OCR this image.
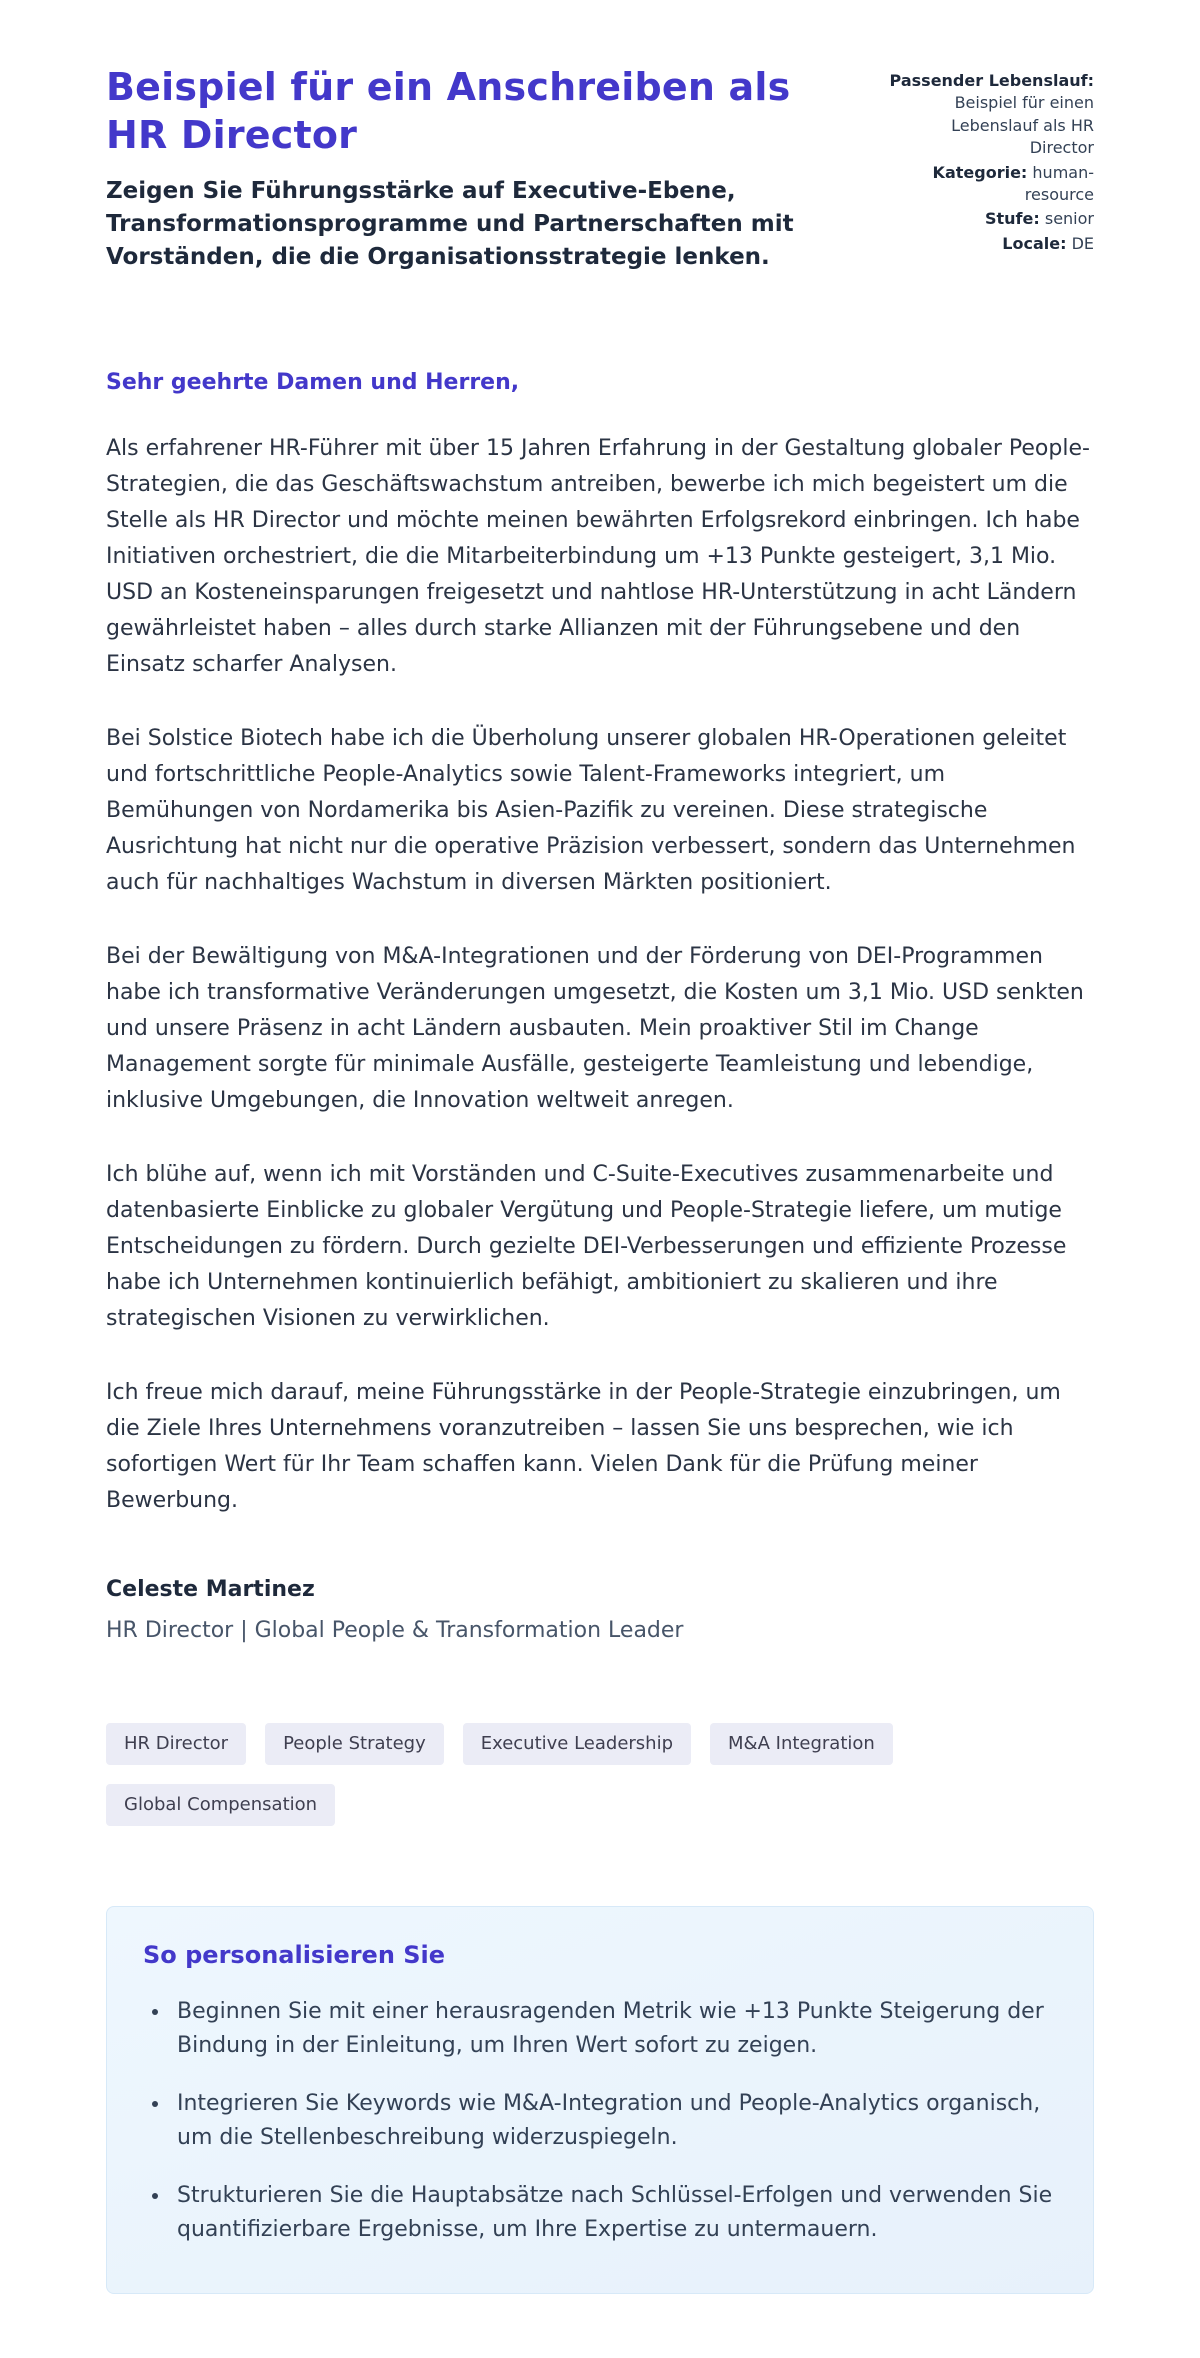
Beispiel für ein Anschreiben als HR Director
Zeigen Sie Führungsstärke auf Executive-Ebene, Transformationsprogramme und Partnerschaften mit Vorständen, die die Organisationsstrategie lenken.
Passender Lebenslauf: Beispiel für einen Lebenslauf als HR Director
Kategorie: human-resource
Stufe: senior
Locale: DE
Sehr geehrte Damen und Herren,

Als erfahrener HR-Führer mit über 15 Jahren Erfahrung in der Gestaltung globaler People-Strategien, die das Geschäftswachstum antreiben, bewerbe ich mich begeistert um die Stelle als HR Director und möchte meinen bewährten Erfolgsrekord einbringen. Ich habe Initiativen orchestriert, die die Mitarbeiterbindung um +13 Punkte gesteigert, 3,1 Mio. USD an Kosteneinsparungen freigesetzt und nahtlose HR-Unterstützung in acht Ländern gewährleistet haben – alles durch starke Allianzen mit der Führungsebene und den Einsatz scharfer Analysen.

Bei Solstice Biotech habe ich die Überholung unserer globalen HR-Operationen geleitet und fortschrittliche People-Analytics sowie Talent-Frameworks integriert, um Bemühungen von Nordamerika bis Asien-Pazifik zu vereinen. Diese strategische Ausrichtung hat nicht nur die operative Präzision verbessert, sondern das Unternehmen auch für nachhaltiges Wachstum in diversen Märkten positioniert.

Bei der Bewältigung von M&A-Integrationen und der Förderung von DEI-Programmen habe ich transformative Veränderungen umgesetzt, die Kosten um 3,1 Mio. USD senkten und unsere Präsenz in acht Ländern ausbauten. Mein proaktiver Stil im Change Management sorgte für minimale Ausfälle, gesteigerte Teamleistung und lebendige, inklusive Umgebungen, die Innovation weltweit anregen.

Ich blühe auf, wenn ich mit Vorständen und C-Suite-Executives zusammenarbeite und datenbasierte Einblicke zu globaler Vergütung und People-Strategie liefere, um mutige Entscheidungen zu fördern. Durch gezielte DEI-Verbesserungen und effiziente Prozesse habe ich Unternehmen kontinuierlich befähigt, ambitioniert zu skalieren und ihre strategischen Visionen zu verwirklichen.

Ich freue mich darauf, meine Führungsstärke in der People-Strategie einzubringen, um die Ziele Ihres Unternehmens voranzutreiben – lassen Sie uns besprechen, wie ich sofortigen Wert für Ihr Team schaffen kann. Vielen Dank für die Prüfung meiner Bewerbung.

Celeste Martinez
HR Director | Global People & Transformation Leader
HR Director	People Strategy	Executive Leadership	M&A Integration
Global Compensation
So personalisieren Sie
• Beginnen Sie mit einer herausragenden Metrik wie +13 Punkte Steigerung der Bindung in der Einleitung, um Ihren Wert sofort zu zeigen.
• Integrieren Sie Keywords wie M&A-Integration und People-Analytics organisch, um die Stellenbeschreibung widerzuspiegeln.
• Strukturieren Sie die Hauptabsätze nach Schlüssel-Erfolgen und verwenden Sie quantifizierbare Ergebnisse, um Ihre Expertise zu untermauern.
